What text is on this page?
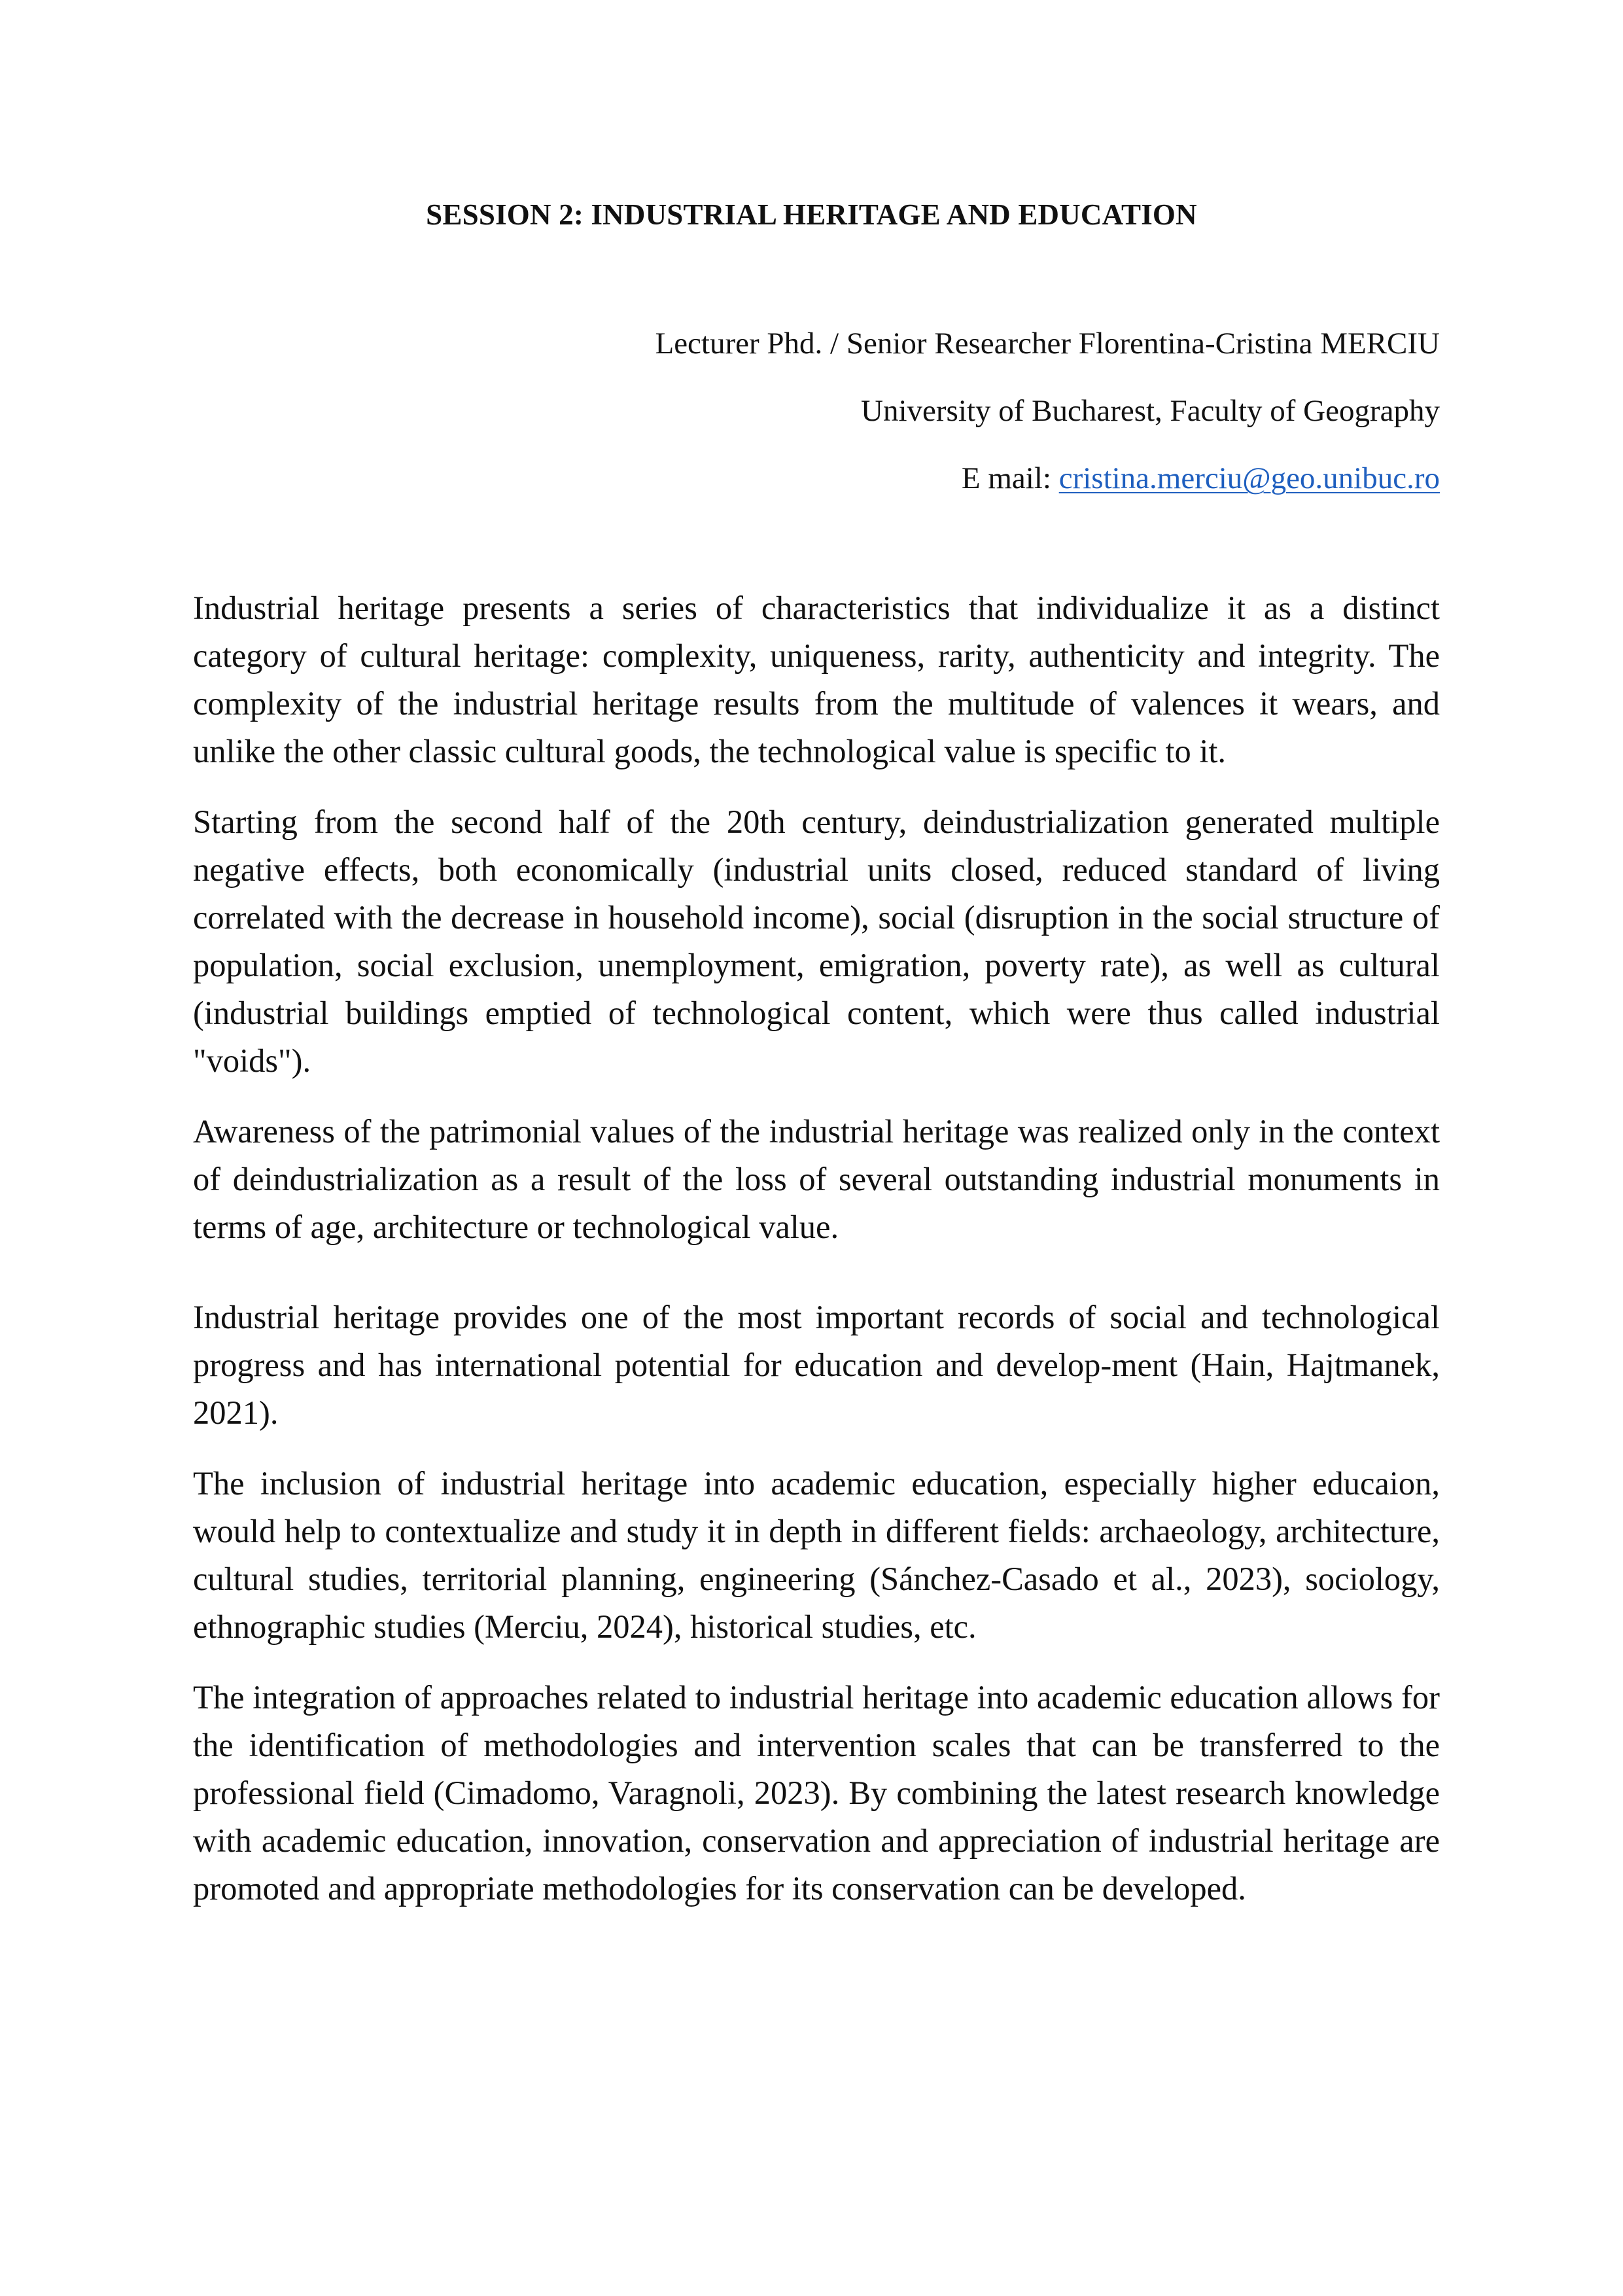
SESSION 2: INDUSTRIAL HERITAGE AND EDUCATION

Lecturer Phd. / Senior Researcher Florentina-Cristina MERCIU

University of Bucharest, Faculty of Geography

E mail: cristina.merciu@geo.unibuc.ro

Industrial heritage presents a series of characteristics that individualize it as a distinct category of cultural heritage: complexity, uniqueness, rarity, authenticity and integrity. The complexity of the industrial heritage results from the multitude of valences it wears, and unlike the other classic cultural goods, the technological value is specific to it.

Starting from the second half of the 20th century, deindustrialization generated multiple negative effects, both economically (industrial units closed, reduced standard of living correlated with the decrease in household income), social (disruption in the social structure of population, social exclusion, unemployment, emigration, poverty rate), as well as cultural (industrial buildings emptied of technological content, which were thus called industrial "voids").

Awareness of the patrimonial values of the industrial heritage was realized only in the context of deindustrialization as a result of the loss of several outstanding industrial monuments in terms of age, architecture or technological value.

Industrial heritage provides one of the most important records of social and technological progress and has international potential for education and develop-ment (Hain, Hajtmanek, 2021).

The inclusion of industrial heritage into academic education, especially higher educaion, would help to contextualize and study it in depth in different fields: archaeology, architecture, cultural studies, territorial planning, engineering (Sánchez-Casado et al., 2023), sociology, ethnographic studies (Merciu, 2024), historical studies, etc.

The integration of approaches related to industrial heritage into academic education allows for the identification of methodologies and intervention scales that can be transferred to the professional field (Cimadomo, Varagnoli, 2023). By combining the latest research knowledge with academic education, innovation, conservation and appreciation of industrial heritage are promoted and appropriate methodologies for its conservation can be developed.
